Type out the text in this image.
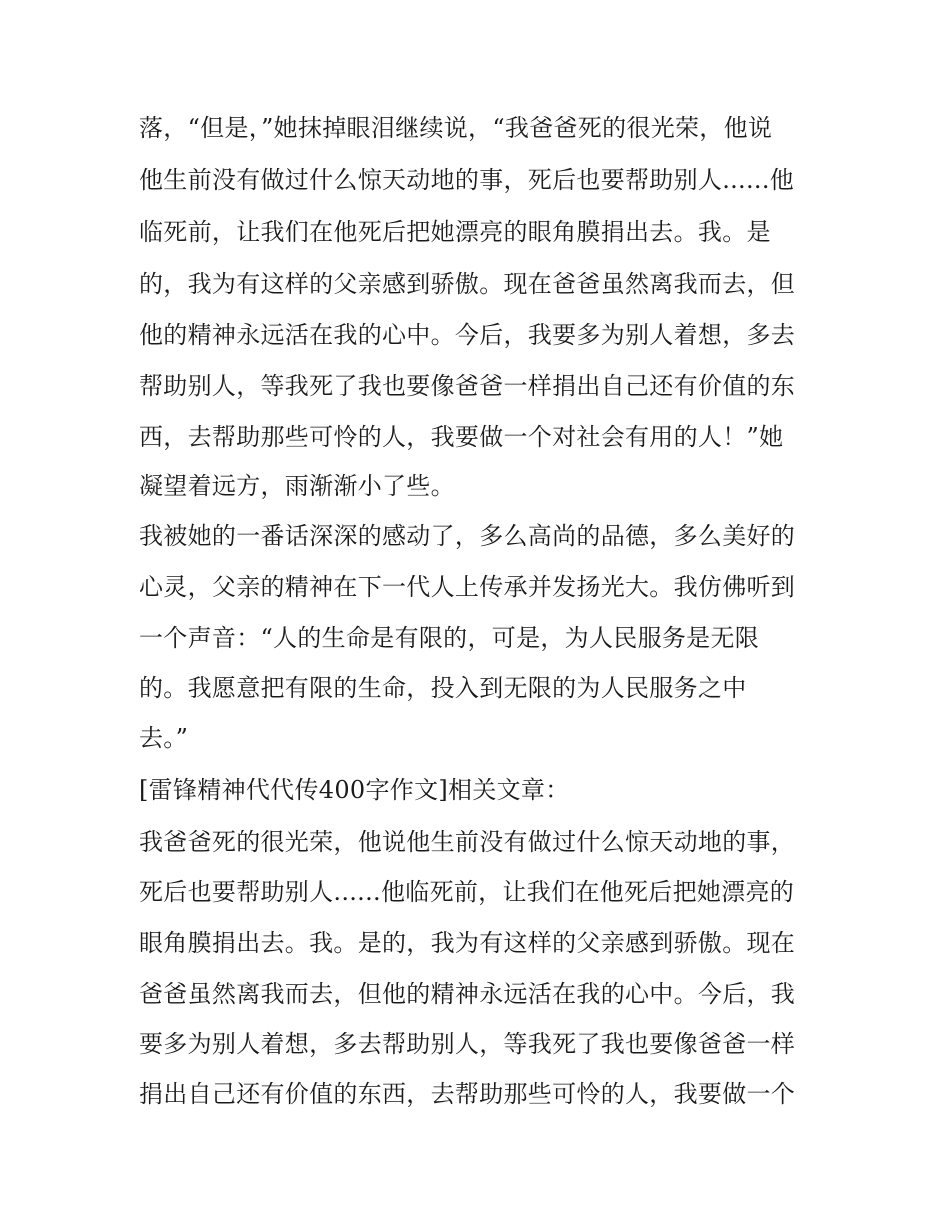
落，“但是，”她抹掉眼泪继续说，“我爸爸死的很光荣，他说
他生前没有做过什么惊天动地的事，死后也要帮助别人......他
临死前，让我们在他死后把她漂亮的眼角膜捐出去。我。是
的，我为有这样的父亲感到骄傲。现在爸爸虽然离我而去，但
他的精神永远活在我的心中。今后，我要多为别人着想，多去
帮助别人，等我死了我也要像爸爸一样捐出自己还有价值的东
西，去帮助那些可怜的人，我要做一个对社会有用的人！”她
凝望着远方，雨渐渐小了些。
我被她的一番话深深的感动了，多么高尚的品德，多么美好的
心灵，父亲的精神在下一代人上传承并发扬光大。我仿佛听到
一个声音：“人的生命是有限的，可是，为人民服务是无限
的。我愿意把有限的生命，投入到无限的为人民服务之中
去。”
[雷锋精神代代传400字作文]相关文章：
我爸爸死的很光荣，他说他生前没有做过什么惊天动地的事，
死后也要帮助别人......他临死前，让我们在他死后把她漂亮的
眼角膜捐出去。我。是的，我为有这样的父亲感到骄傲。现在
爸爸虽然离我而去，但他的精神永远活在我的心中。今后，我
要多为别人着想，多去帮助别人，等我死了我也要像爸爸一样
捐出自己还有价值的东西，去帮助那些可怜的人，我要做一个
